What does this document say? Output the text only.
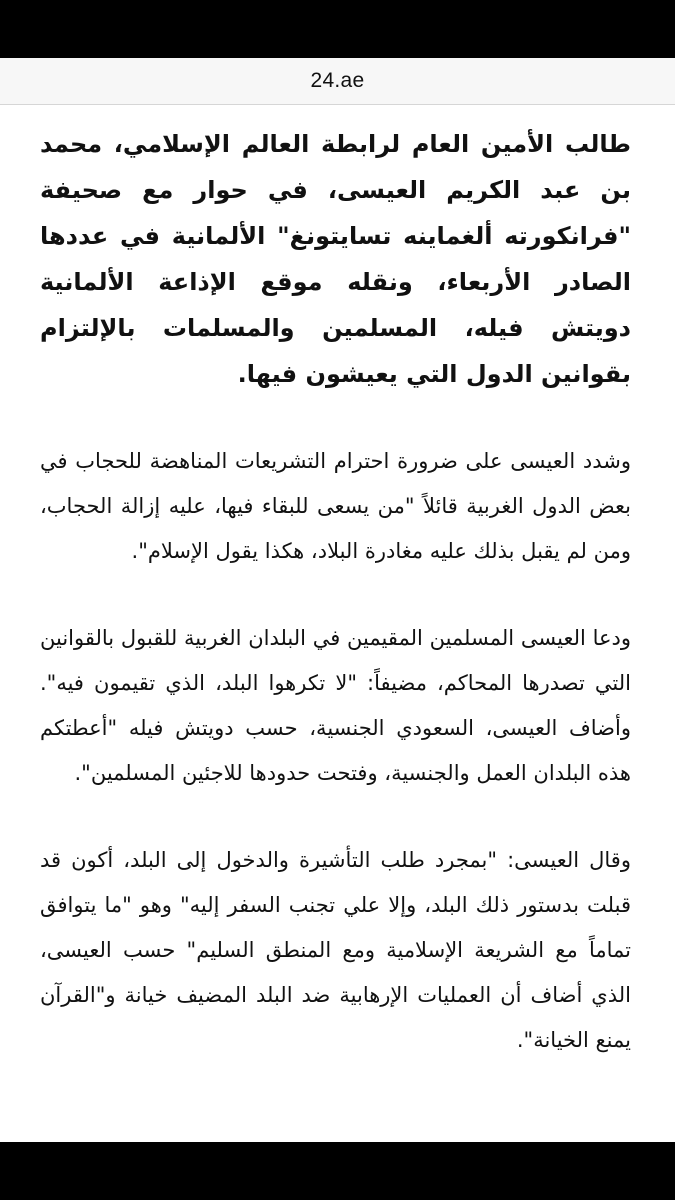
24.ae

طالب الأمين العام لرابطة العالم الإسلامي، محمد بن عبد الكريم العيسى، في حوار مع صحيفة "فرانكورته ألغماينه تسايتونغ" الألمانية في عددها الصادر الأربعاء، ونقله موقع الإذاعة الألمانية دويتش فيله، المسلمين والمسلمات بالإلتزام بقوانين الدول التي يعيشون فيها.

وشدد العيسى على ضرورة احترام التشريعات المناهضة للحجاب في بعض الدول الغربية قائلاً "من يسعى للبقاء فيها، عليه إزالة الحجاب، ومن لم يقبل بذلك عليه مغادرة البلاد، هكذا يقول الإسلام".

ودعا العيسى المسلمين المقيمين في البلدان الغربية للقبول بالقوانين التي تصدرها المحاكم، مضيفاً: "لا تكرهوا البلد، الذي تقيمون فيه". وأضاف العيسى، السعودي الجنسية، حسب دويتش فيله "أعطتكم هذه البلدان العمل والجنسية، وفتحت حدودها للاجئين المسلمين".

وقال العيسى: "بمجرد طلب التأشيرة والدخول إلى البلد، أكون قد قبلت بدستور ذلك البلد، وإلا علي تجنب السفر إليه" وهو "ما يتوافق تماماً مع الشريعة الإسلامية ومع المنطق السليم" حسب العيسى، الذي أضاف أن العمليات الإرهابية ضد البلد المضيف خيانة و"القرآن يمنع الخيانة".
